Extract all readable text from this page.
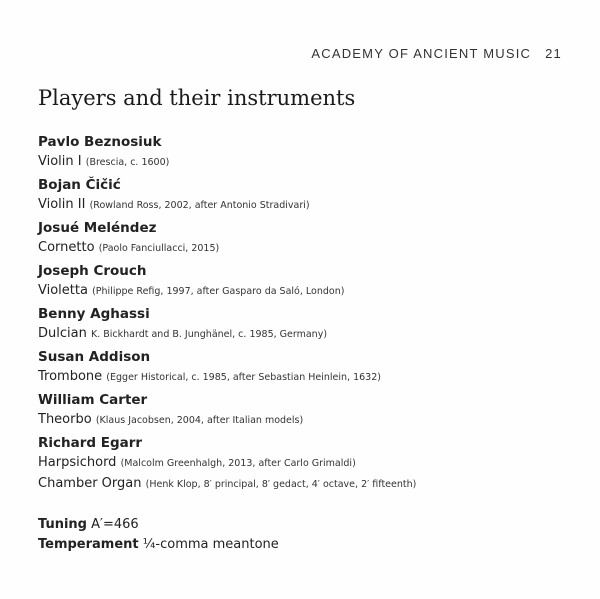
ACADEMY OF ANCIENT MUSIC 21
Players and their instruments
Pavlo Beznosiuk
Violin I (Brescia, c. 1600)
Bojan Čičić
Violin II (Rowland Ross, 2002, after Antonio Stradivari)
Josué Meléndez
Cornetto (Paolo Fanciullacci, 2015)
Joseph Crouch
Violetta (Philippe Refig, 1997, after Gasparo da Saló, London)
Benny Aghassi
Dulcian K. Bickhardt and B. Junghänel, c. 1985, Germany)
Susan Addison
Trombone (Egger Historical, c. 1985, after Sebastian Heinlein, 1632)
William Carter
Theorbo (Klaus Jacobsen, 2004, after Italian models)
Richard Egarr
Harpsichord (Malcolm Greenhalgh, 2013, after Carlo Grimaldi)
Chamber Organ (Henk Klop, 8′ principal, 8′ gedact, 4′ octave, 2′ fifteenth)
Tuning A′=466
Temperament ¼-comma meantone
